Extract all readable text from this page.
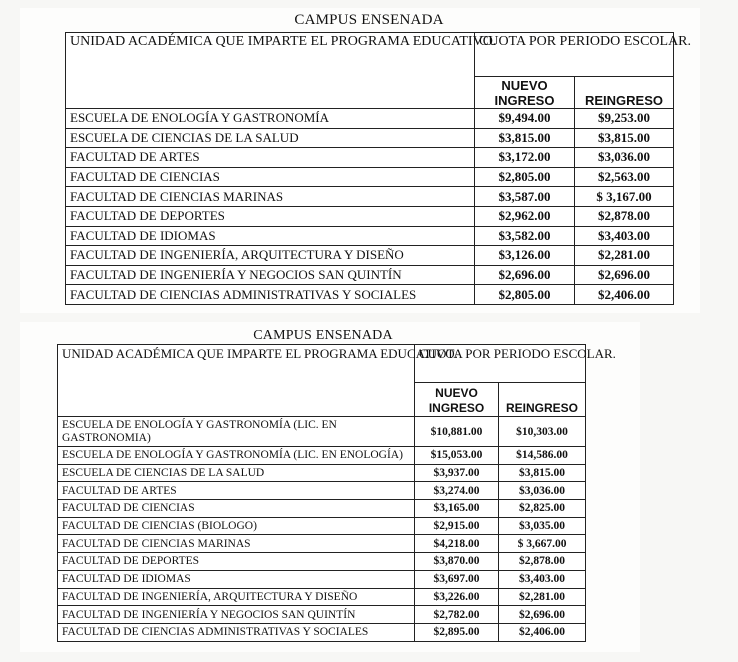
CAMPUS ENSENADA
UNIDAD ACADÉMICA QUE IMPARTE EL PROGRAMA EDUCATIVO.	CUOTA POR PERIODO ESCOLAR.	
	NUEVO INGRESO	REINGRESO
ESCUELA DE ENOLOGÍA Y GASTRONOMÍA	$9,494.00	$9,253.00
ESCUELA DE CIENCIAS DE LA SALUD	$3,815.00	$3,815.00
FACULTAD DE ARTES	$3,172.00	$3,036.00
FACULTAD DE CIENCIAS	$2,805.00	$2,563.00
FACULTAD DE CIENCIAS MARINAS	$3,587.00	$ 3,167.00
FACULTAD DE DEPORTES	$2,962.00	$2,878.00
FACULTAD DE IDIOMAS	$3,582.00	$3,403.00
FACULTAD DE INGENIERÍA, ARQUITECTURA Y DISEÑO	$3,126.00	$2,281.00
FACULTAD DE INGENIERÍA Y NEGOCIOS SAN QUINTÍN	$2,696.00	$2,696.00
FACULTAD DE CIENCIAS ADMINISTRATIVAS Y SOCIALES	$2,805.00	$2,406.00
CAMPUS ENSENADA
UNIDAD ACADÉMICA QUE IMPARTE EL PROGRAMA EDUCATIVO.	CUOTA POR PERIODO ESCOLAR.	
	NUEVO INGRESO	REINGRESO
ESCUELA DE ENOLOGÍA Y GASTRONOMÍA (LIC. EN GASTRONOMIA)	$10,881.00	$10,303.00
ESCUELA DE ENOLOGÍA Y GASTRONOMÍA (LIC. EN ENOLOGÍA)	$15,053.00	$14,586.00
ESCUELA DE CIENCIAS DE LA SALUD	$3,937.00	$3,815.00
FACULTAD DE ARTES	$3,274.00	$3,036.00
FACULTAD DE CIENCIAS	$3,165.00	$2,825.00
FACULTAD DE CIENCIAS (BIOLOGO)	$2,915.00	$3,035.00
FACULTAD DE CIENCIAS MARINAS	$4,218.00	$ 3,667.00
FACULTAD DE DEPORTES	$3,870.00	$2,878.00
FACULTAD DE IDIOMAS	$3,697.00	$3,403.00
FACULTAD DE INGENIERÍA, ARQUITECTURA Y DISEÑO	$3,226.00	$2,281.00
FACULTAD DE INGENIERÍA Y NEGOCIOS SAN QUINTÍN	$2,782.00	$2,696.00
FACULTAD DE CIENCIAS ADMINISTRATIVAS Y SOCIALES	$2,895.00	$2,406.00
